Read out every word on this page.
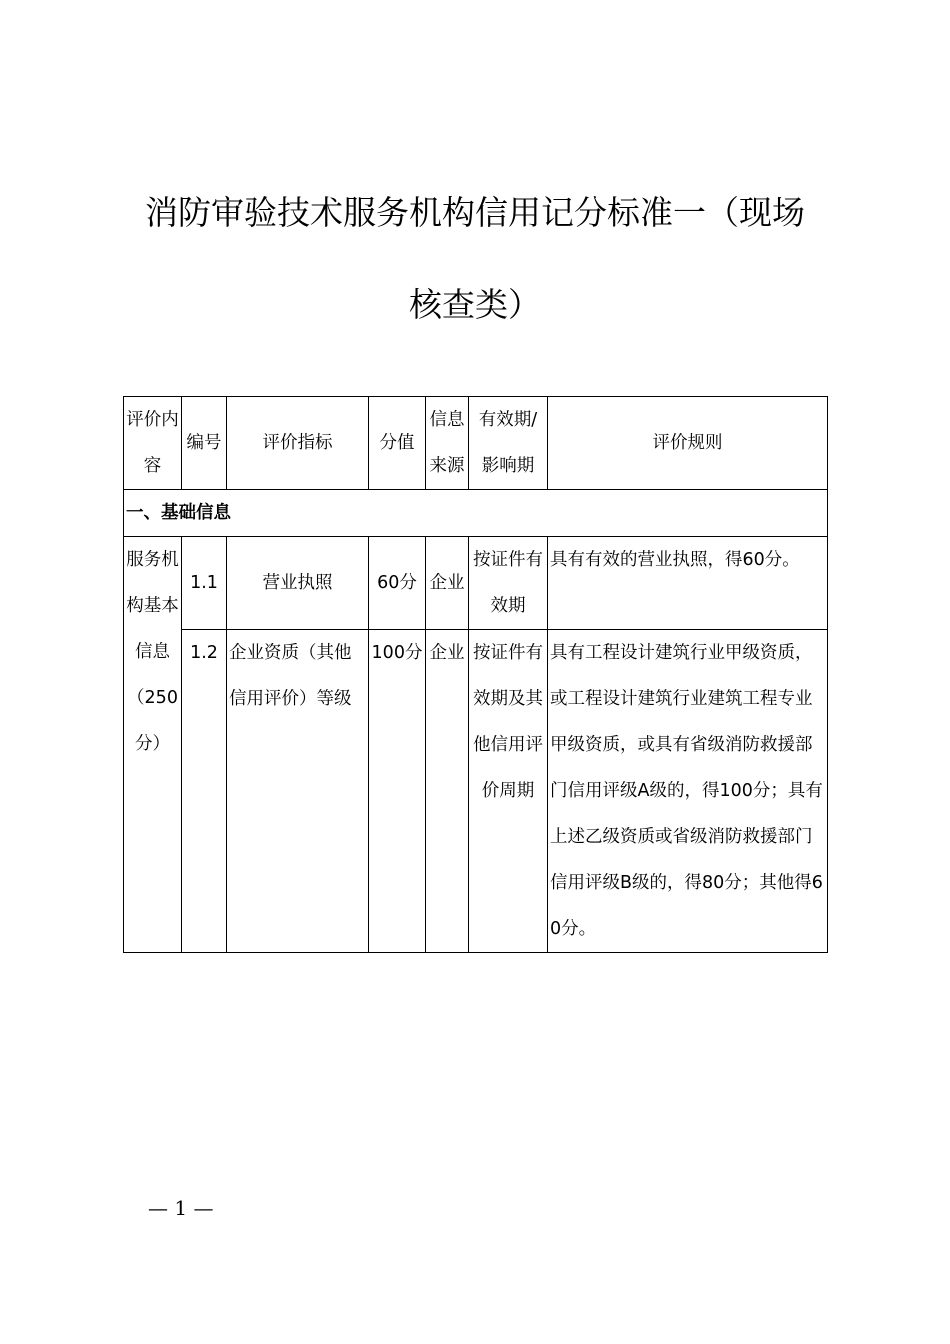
消防审验技术服务机构信用记分标准一（现场
核查类）
评价内容	编号	评价指标	分值	信息来源	有效期/影响期	评价规则
一、基础信息						
服务机构基本信息（250分）	1.1	营业执照	60分	企业	按证件有效期	具有有效的营业执照，得60分。
	1.2	企业资质（其他信用评价）等级	100分	企业	按证件有效期及其他信用评价周期	具有工程设计建筑行业甲级资质，或工程设计建筑行业建筑工程专业甲级资质，或具有省级消防救援部门信用评级A级的，得100分；具有上述乙级资质或省级消防救援部门信用评级B级的，得80分；其他得60分。
— 1 —
